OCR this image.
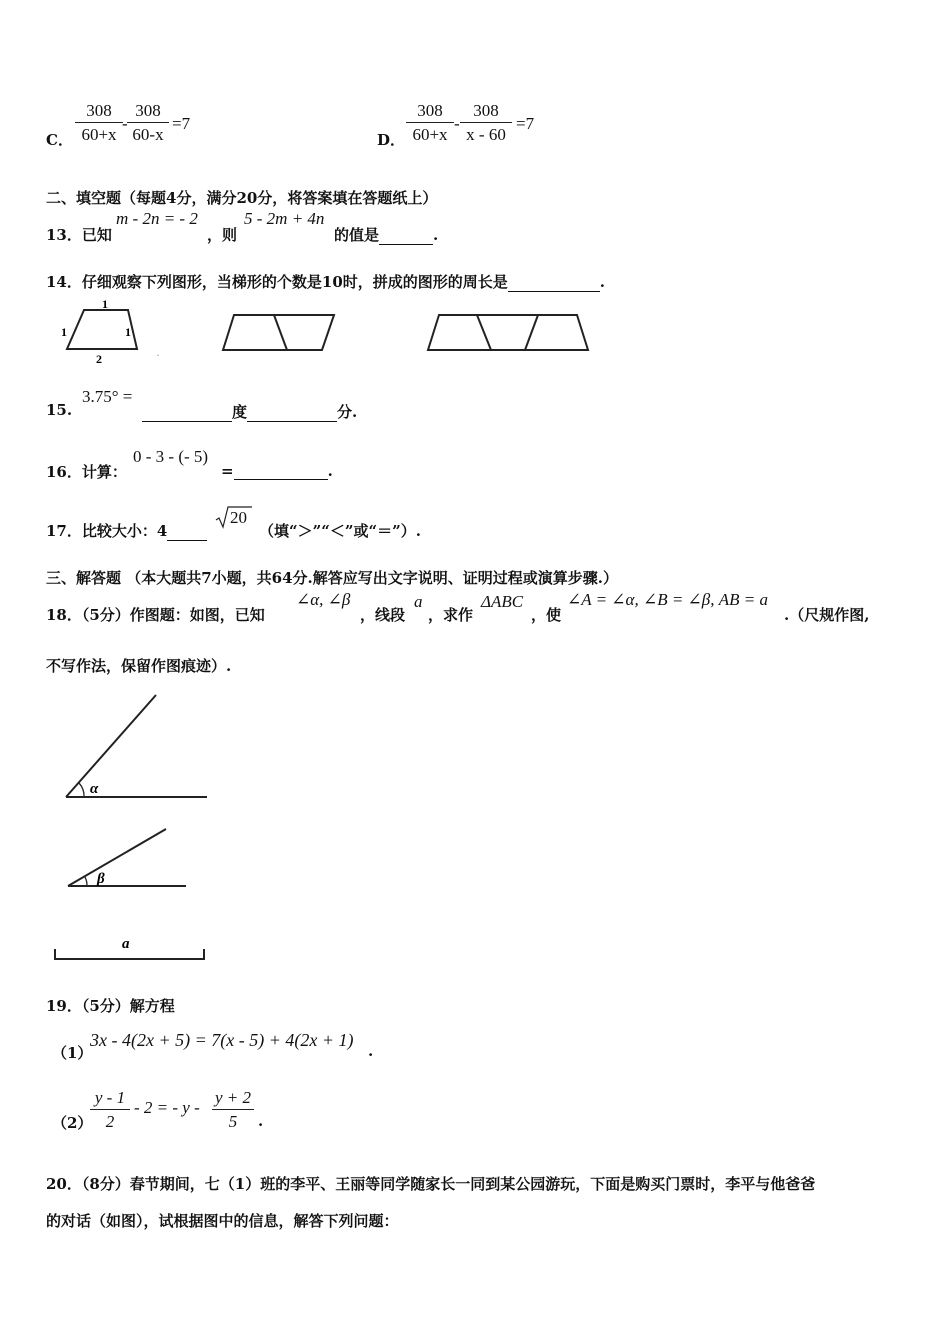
C．
308
60+x
-
308
60-x
=7
D．
308
60+x
-
308
x - 60
=7
二、填空题（每题4分，满分20分，将答案填在答题纸上）
13．已知
m - 2n = - 2
，则
5 - 2m + 4n
的值是	.
14．仔细观察下列图形，当梯形的个数是10时，拼成的图形的周长是	.
1
1	1
2	.
15.
3.75° =
度	分.
16．计算：
0 - 3 - (- 5)
=	.
17．比较大小：4
20
（填“＞”“＜”或“＝”）.
三、解答题 （本大题共7小题，共64分.解答应写出文字说明、证明过程或演算步骤.）
18．（5分）作图题：如图，已知
∠α, ∠β
，线段
a
，求作
ΔABC
，使
∠A = ∠α, ∠B = ∠β, AB = a
.（尺规作图,
不写作法，保留作图痕迹）.
α
β
a
19．（5分）解方程
（1）
3x - 4(2x + 5) = 7(x - 5) + 4(2x + 1)
.
（2）
y - 1
2
- 2 = - y -
y + 2
5	.
20．（8分）春节期间，七（1）班的李平、王丽等同学随家长一同到某公园游玩，下面是购买门票时，李平与他爸爸
的对话（如图），试根据图中的信息，解答下列问题：
